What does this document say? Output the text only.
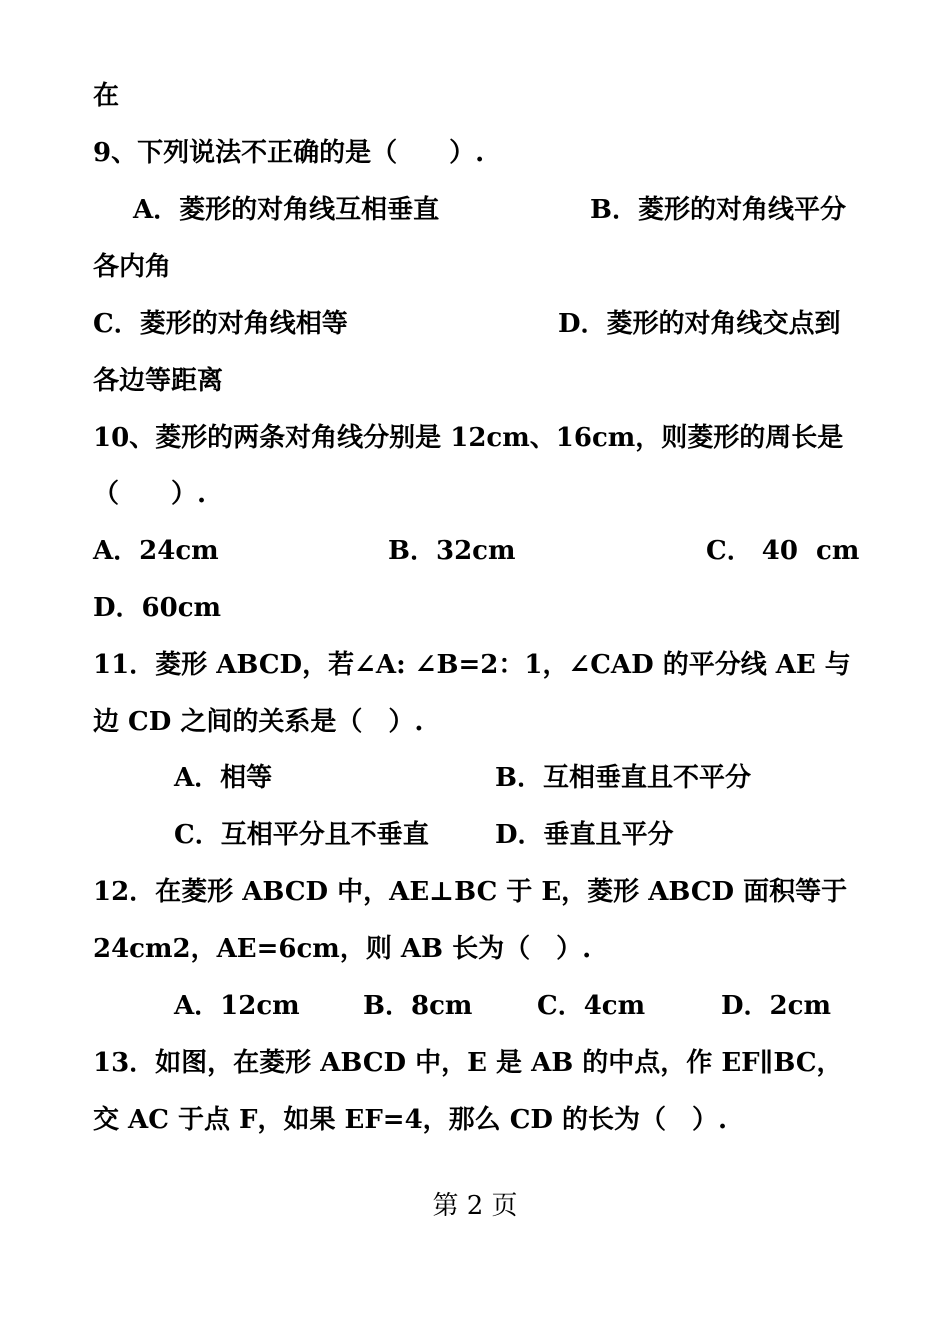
在
9、下列说法不正确的是（　　）.
A．菱形的对角线互相垂直	B．菱形的对角线平分
各内角
C．菱形的对角线相等	D．菱形的对角线交点到
各边等距离
10、菱形的两条对角线分别是 12cm、16cm，则菱形的周长是
（　　）.
A．24cm	B．32cm	C． 40  cm
D．60cm
11．菱形 ABCD，若∠A: ∠B=2：1，∠CAD 的平分线 AE 与
边 CD 之间的关系是（　）.
A．相等	B．互相垂直且不平分
C．互相平分且不垂直	D．垂直且平分
12．在菱形 ABCD 中，AE⊥BC 于 E，菱形 ABCD 面积等于
24cm2，AE=6cm，则 AB 长为（　）.
A．12cm B．8cm C．4cm	D．2cm
13．如图，在菱形 ABCD 中，E 是 AB 的中点，作 EF∥BC，
交 AC 于点 F，如果 EF=4，那么 CD 的长为（　）.
第 2 页
